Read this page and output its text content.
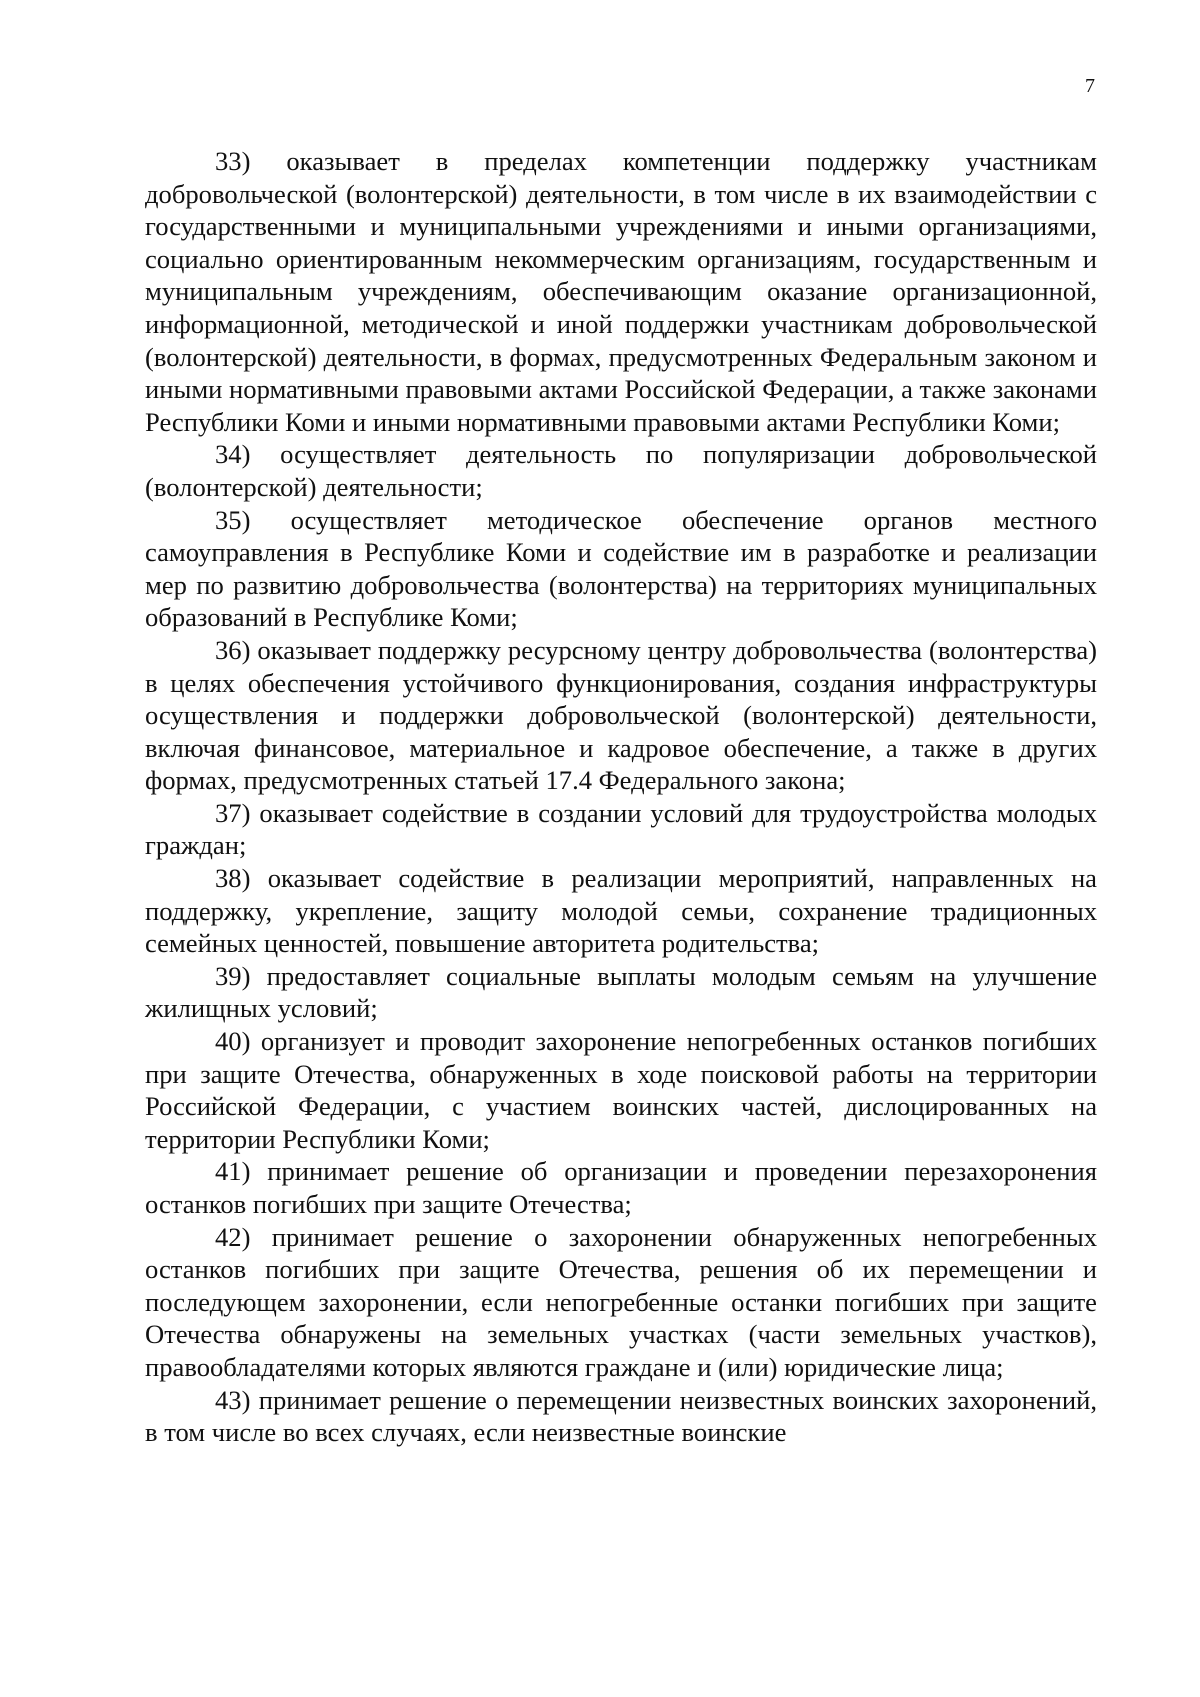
7

33) оказывает в пределах компетенции поддержку участникам добровольческой (волонтерской) деятельности, в том числе в их взаимодействии с государственными и муниципальными учреждениями и иными организациями, социально ориентированным некоммерческим организациям, государственным и муниципальным учреждениям, обеспечивающим оказание организационной, информационной, методической и иной поддержки участникам добровольческой (волонтерской) деятельности, в формах, предусмотренных Федеральным законом и иными нормативными правовыми актами Российской Федерации, а также законами Республики Коми и иными нормативными правовыми актами Республики Коми;

34) осуществляет деятельность по популяризации добровольческой (волонтерской) деятельности;

35) осуществляет методическое обеспечение органов местного самоуправления в Республике Коми и содействие им в разработке и реализации мер по развитию добровольчества (волонтерства) на территориях муниципальных образований в Республике Коми;

36) оказывает поддержку ресурсному центру добровольчества (волонтерства) в целях обеспечения устойчивого функционирования, создания инфраструктуры осуществления и поддержки добровольческой (волонтерской) деятельности, включая финансовое, материальное и кадровое обеспечение, а также в других формах, предусмотренных статьей 17.4 Федерального закона;

37) оказывает содействие в создании условий для трудоустройства молодых граждан;

38) оказывает содействие в реализации мероприятий, направленных на поддержку, укрепление, защиту молодой семьи, сохранение традиционных семейных ценностей, повышение авторитета родительства;

39) предоставляет социальные выплаты молодым семьям на улучшение жилищных условий;

40) организует и проводит захоронение непогребенных останков погибших при защите Отечества, обнаруженных в ходе поисковой работы на территории Российской Федерации, с участием воинских частей, дислоцированных на территории Республики Коми;

41) принимает решение об организации и проведении перезахоронения останков погибших при защите Отечества;

42) принимает решение о захоронении обнаруженных непогребенных останков погибших при защите Отечества, решения об их перемещении и последующем захоронении, если непогребенные останки погибших при защите Отечества обнаружены на земельных участках (части земельных участков), правообладателями которых являются граждане и (или) юридические лица;

43) принимает решение о перемещении неизвестных воинских захоронений, в том числе во всех случаях, если неизвестные воинские
